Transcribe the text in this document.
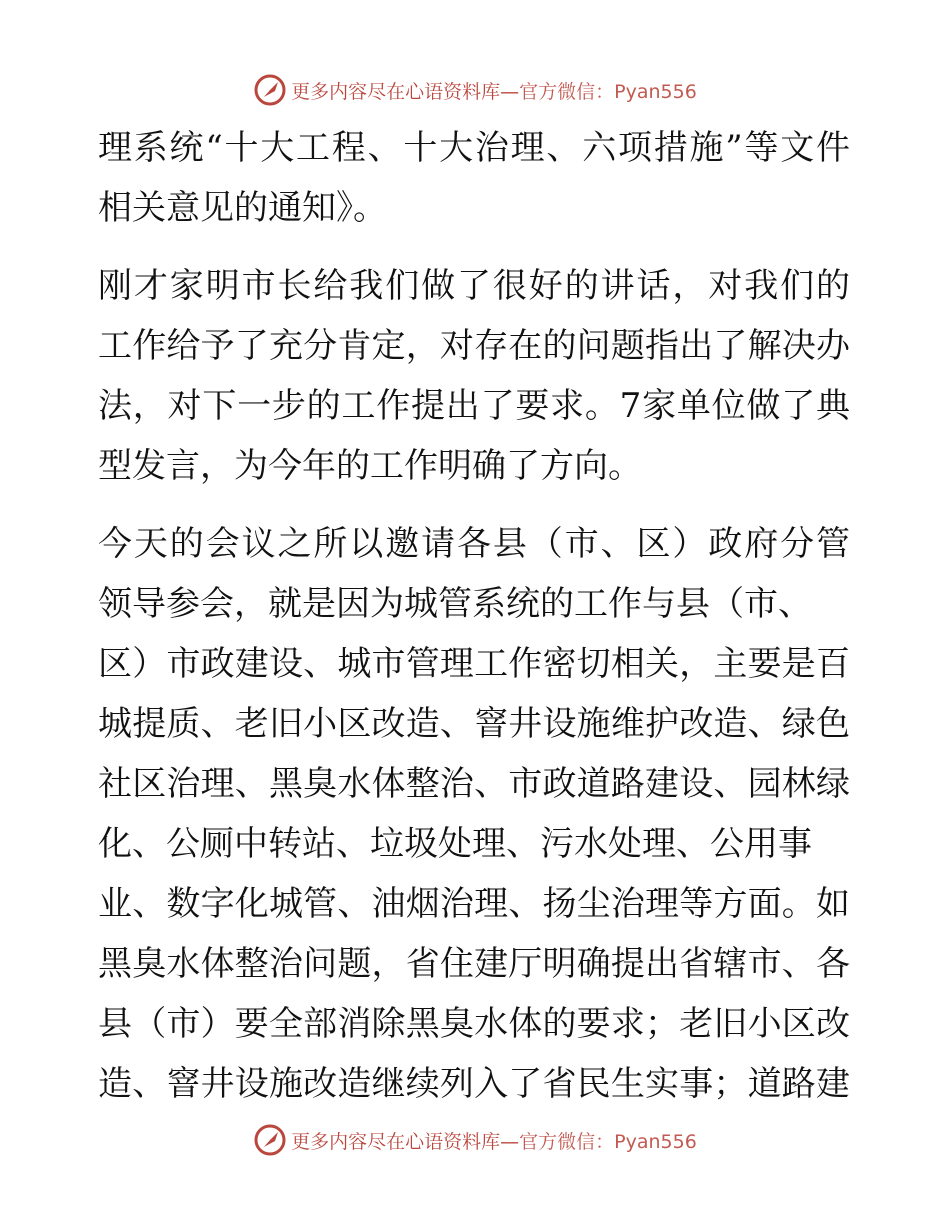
更多内容尽在心语资料库—官方微信：Pyan556
理系统“十大工程、十大治理、六项措施”等文件
相关意见的通知》。
刚才家明市长给我们做了很好的讲话，对我们的
工作给予了充分肯定，对存在的问题指出了解决办
法，对下一步的工作提出了要求。7家单位做了典
型发言，为今年的工作明确了方向。
今天的会议之所以邀请各县（市、区）政府分管
领导参会，就是因为城管系统的工作与县（市、
区）市政建设、城市管理工作密切相关，主要是百
城提质、老旧小区改造、窨井设施维护改造、绿色
社区治理、黑臭水体整治、市政道路建设、园林绿
化、公厕中转站、垃圾处理、污水处理、公用事
业、数字化城管、油烟治理、扬尘治理等方面。如
黑臭水体整治问题，省住建厅明确提出省辖市、各
县（市）要全部消除黑臭水体的要求；老旧小区改
造、窨井设施改造继续列入了省民生实事；道路建
更多内容尽在心语资料库—官方微信：Pyan556
